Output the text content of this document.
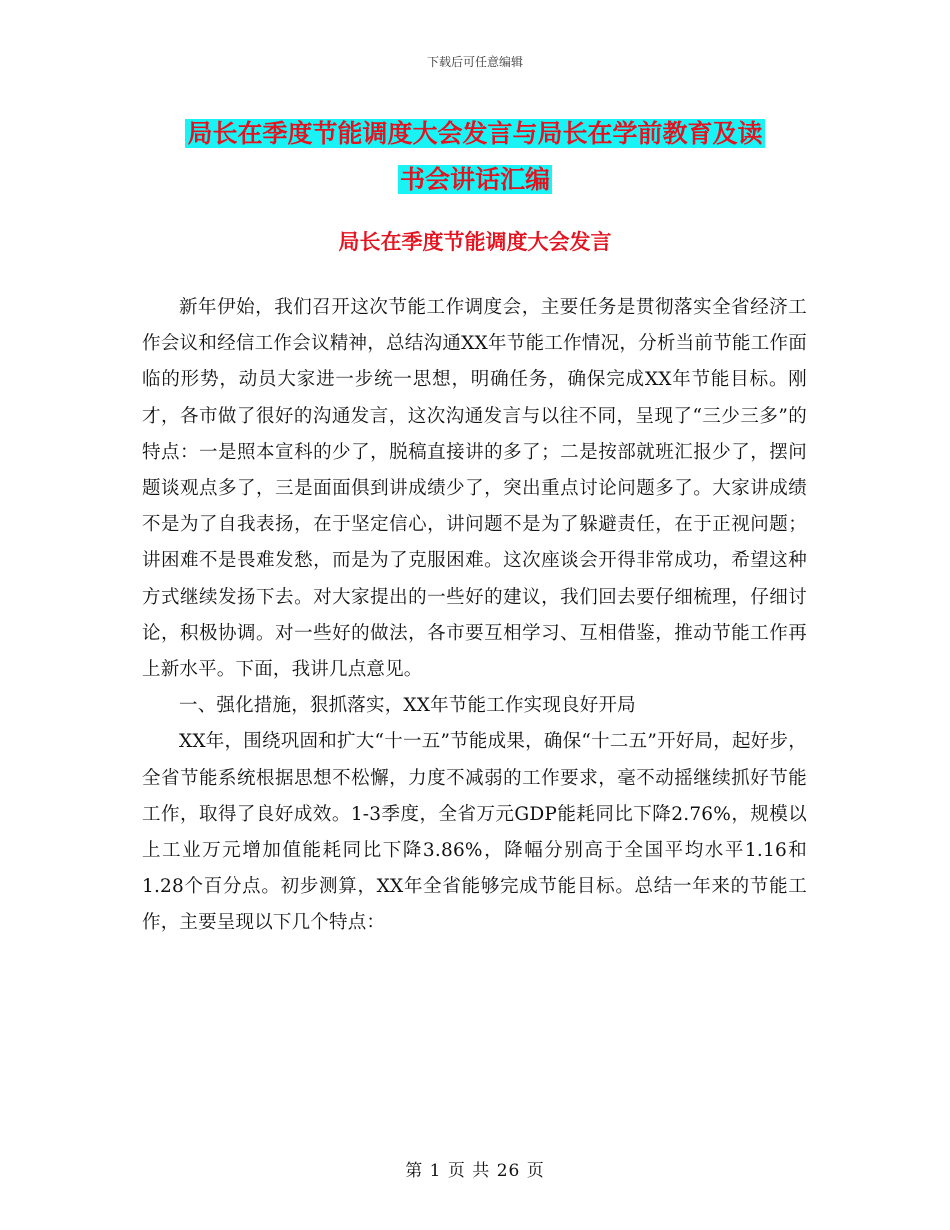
下载后可任意编辑
局长在季度节能调度大会发言与局长在学前教育及读
书会讲话汇编
局长在季度节能调度大会发言

新年伊始，我们召开这次节能工作调度会，主要任务是贯彻落实全省经济工作会议和经信工作会议精神，总结沟通XX年节能工作情况，分析当前节能工作面临的形势，动员大家进一步统一思想，明确任务，确保完成XX年节能目标。刚才，各市做了很好的沟通发言，这次沟通发言与以往不同，呈现了“三少三多”的特点：一是照本宣科的少了，脱稿直接讲的多了；二是按部就班汇报少了，摆问题谈观点多了，三是面面俱到讲成绩少了，突出重点讨论问题多了。大家讲成绩不是为了自我表扬，在于坚定信心，讲问题不是为了躲避责任，在于正视问题；讲困难不是畏难发愁，而是为了克服困难。这次座谈会开得非常成功，希望这种方式继续发扬下去。对大家提出的一些好的建议，我们回去要仔细梳理，仔细讨论，积极协调。对一些好的做法，各市要互相学习、互相借鉴，推动节能工作再上新水平。下面，我讲几点意见。

一、强化措施，狠抓落实，XX年节能工作实现良好开局

XX年，围绕巩固和扩大“十一五”节能成果，确保“十二五”开好局，起好步，全省节能系统根据思想不松懈，力度不减弱的工作要求，毫不动摇继续抓好节能工作，取得了良好成效。1-3季度，全省万元GDP能耗同比下降2.76%，规模以上工业万元增加值能耗同比下降3.86%，降幅分别高于全国平均水平1.16和1.28个百分点。初步测算，XX年全省能够完成节能目标。总结一年来的节能工作，主要呈现以下几个特点：

第 1 页 共 26 页
